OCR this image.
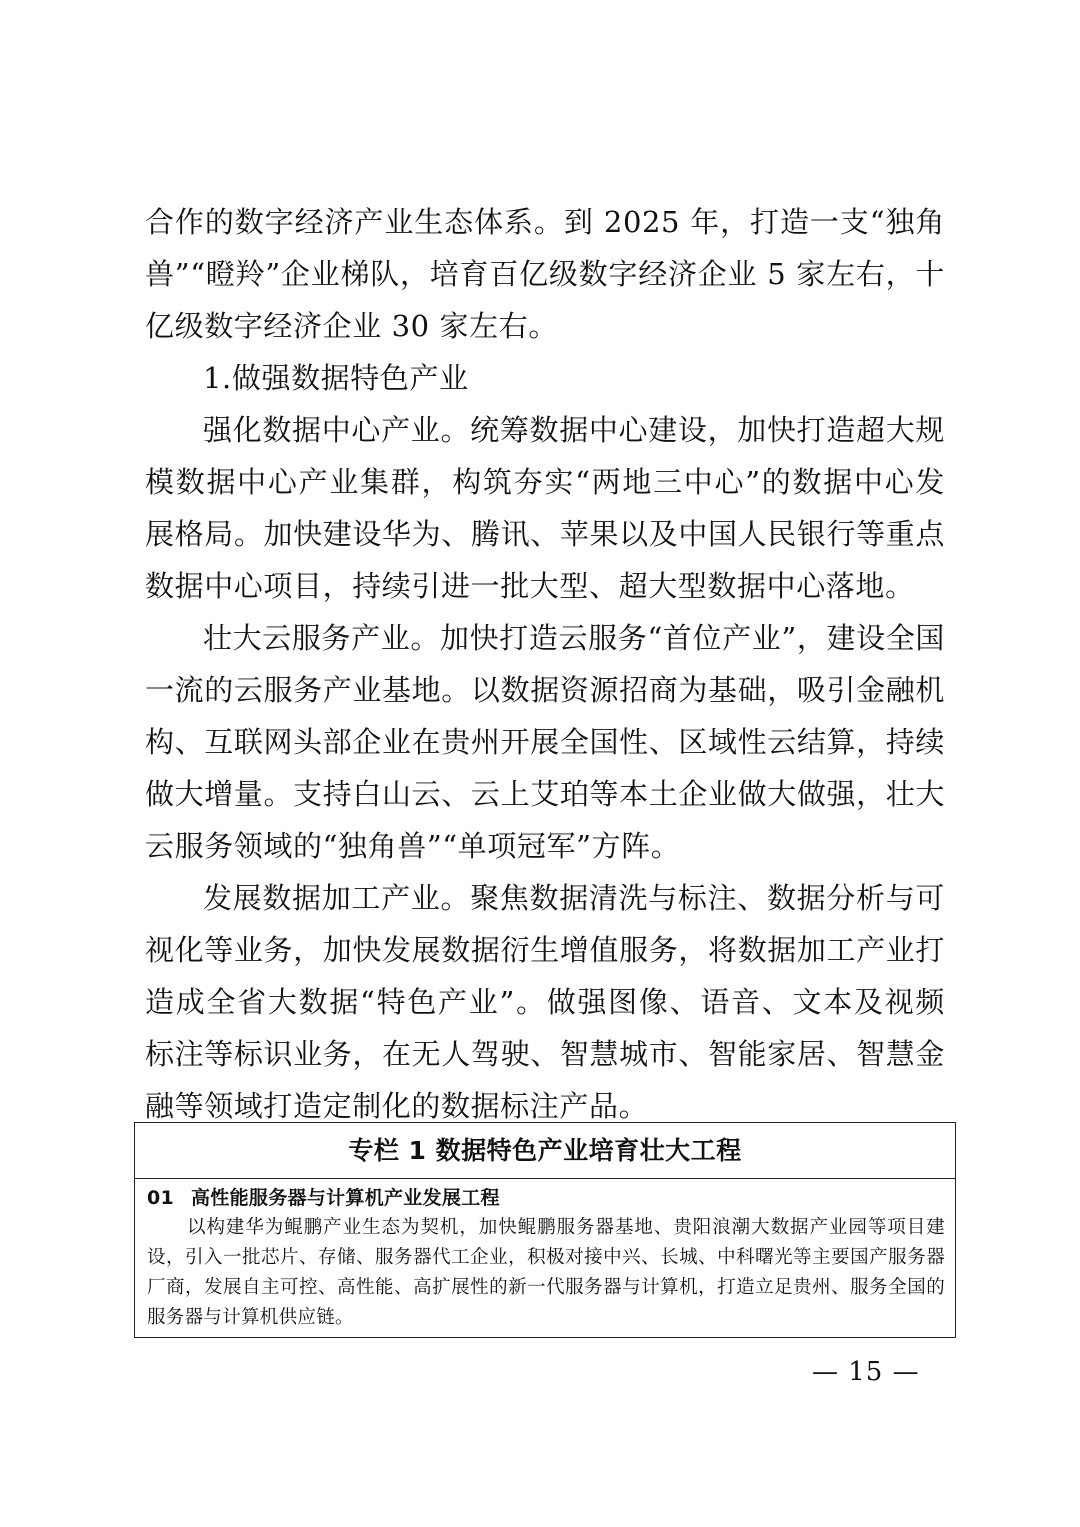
合作的数字经济产业生态体系。到 2025 年，打造一支“独角兽”“瞪羚”企业梯队，培育百亿级数字经济企业 5 家左右，十亿级数字经济企业 30 家左右。

1.做强数据特色产业

强化数据中心产业。统筹数据中心建设，加快打造超大规模数据中心产业集群，构筑夯实“两地三中心”的数据中心发展格局。加快建设华为、腾讯、苹果以及中国人民银行等重点数据中心项目，持续引进一批大型、超大型数据中心落地。

壮大云服务产业。加快打造云服务“首位产业”，建设全国一流的云服务产业基地。以数据资源招商为基础，吸引金融机构、互联网头部企业在贵州开展全国性、区域性云结算，持续做大增量。支持白山云、云上艾珀等本土企业做大做强，壮大云服务领域的“独角兽”“单项冠军”方阵。

发展数据加工产业。聚焦数据清洗与标注、数据分析与可视化等业务，加快发展数据衍生增值服务，将数据加工产业打造成全省大数据“特色产业”。做强图像、语音、文本及视频标注等标识业务，在无人驾驶、智慧城市、智能家居、智慧金融等领域打造定制化的数据标注产品。

专栏 1 数据特色产业培育壮大工程
01 高性能服务器与计算机产业发展工程

以构建华为鲲鹏产业生态为契机，加快鲲鹏服务器基地、贵阳浪潮大数据产业园等项目建设，引入一批芯片、存储、服务器代工企业，积极对接中兴、长城、中科曙光等主要国产服务器厂商，发展自主可控、高性能、高扩展性的新一代服务器与计算机，打造立足贵州、服务全国的服务器与计算机供应链。

— 15 —
